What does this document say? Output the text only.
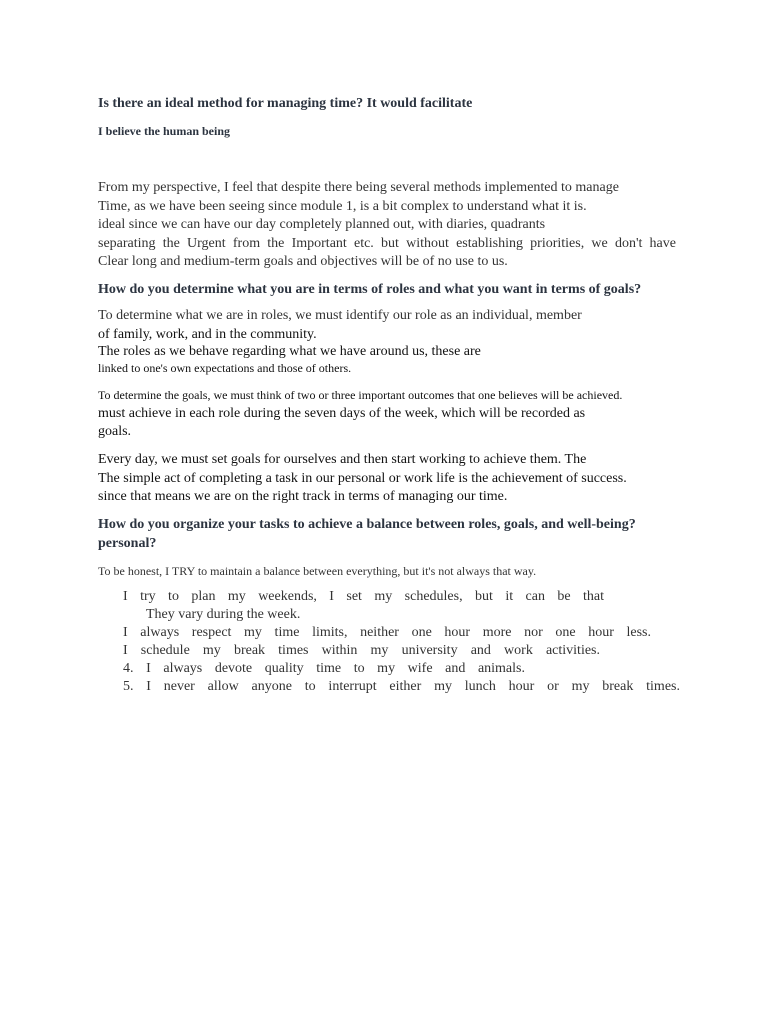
Is there an ideal method for managing time? It would facilitate
I believe the human being
From my perspective, I feel that despite there being several methods implemented to manage
Time, as we have been seeing since module 1, is a bit complex to understand what it is.
ideal since we can have our day completely planned out, with diaries, quadrants
separating the Urgent from the Important etc. but without establishing priorities, we don't have
Clear long and medium-term goals and objectives will be of no use to us.
How do you determine what you are in terms of roles and what you want in terms of goals?
To determine what we are in roles, we must identify our role as an individual, member
of family, work, and in the community.
The roles as we behave regarding what we have around us, these are
linked to one's own expectations and those of others.
To determine the goals, we must think of two or three important outcomes that one believes will be achieved.
must achieve in each role during the seven days of the week, which will be recorded as
goals.
Every day, we must set goals for ourselves and then start working to achieve them. The
The simple act of completing a task in our personal or work life is the achievement of success.
since that means we are on the right track in terms of managing our time.
How do you organize your tasks to achieve a balance between roles, goals, and well-being?
personal?
To be honest, I TRY to maintain a balance between everything, but it's not always that way.
I try to plan my weekends, I set my schedules, but it can be that
They vary during the week.
I always respect my time limits, neither one hour more nor one hour less.
I schedule my break times within my university and work activities.
4. I always devote quality time to my wife and animals.
5. I never allow anyone to interrupt either my lunch hour or my break times.
